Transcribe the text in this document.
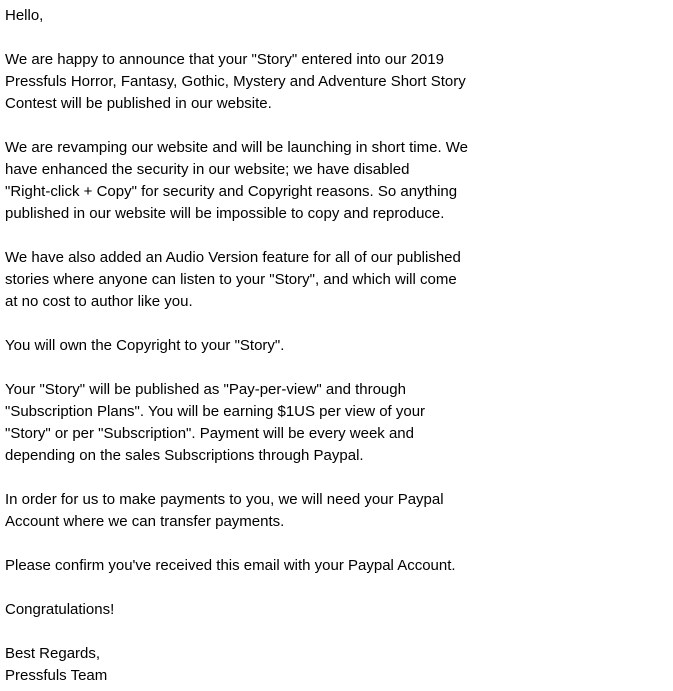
Hello,
We are happy to announce that your "Story" entered into our 2019
Pressfuls Horror, Fantasy, Gothic, Mystery and Adventure Short Story
Contest will be published in our website.
We are revamping our website and will be launching in short time. We
have enhanced the security in our website; we have disabled
"Right-click + Copy" for security and Copyright reasons. So anything
published in our website will be impossible to copy and reproduce.
We have also added an Audio Version feature for all of our published
stories where anyone can listen to your "Story", and which will come
at no cost to author like you.
You will own the Copyright to your "Story".
Your "Story" will be published as "Pay-per-view" and through
"Subscription Plans". You will be earning $1US per view of your
"Story" or per "Subscription". Payment will be every week and
depending on the sales Subscriptions through Paypal.
In order for us to make payments to you, we will need your Paypal
Account where we can transfer payments.
Please confirm you've received this email with your Paypal Account.
Congratulations!
Best Regards,
Pressfuls Team
